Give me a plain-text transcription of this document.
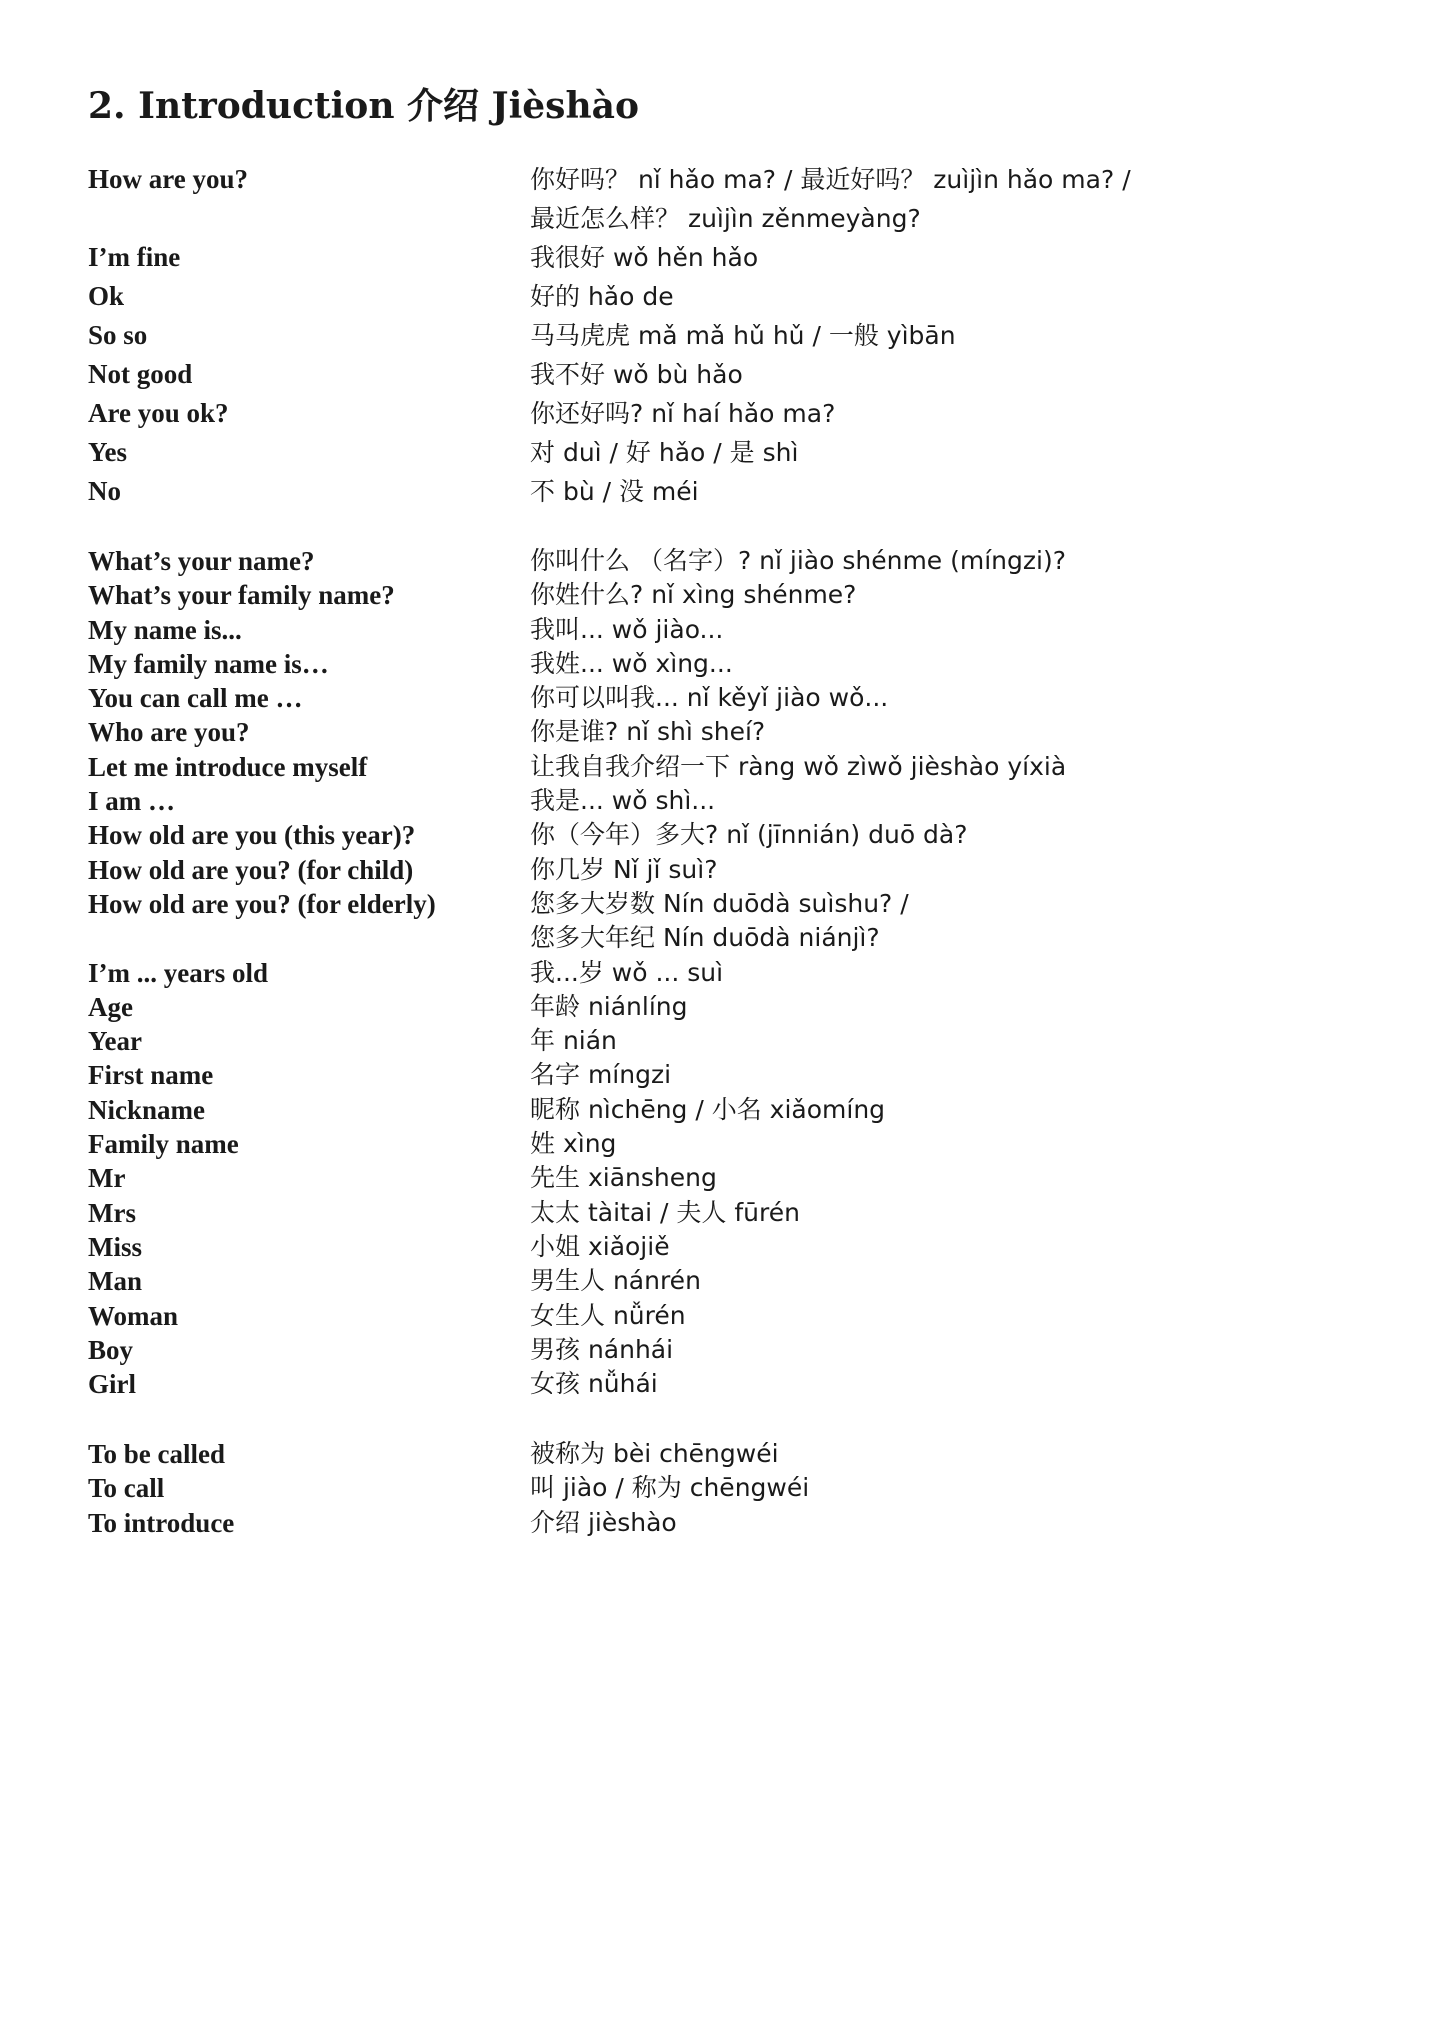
2. Introduction 介绍 Jièshào
How are you?	你好吗？ nǐ hǎo ma? / 最近好吗？ zuìjìn hǎo ma? /
最近怎么样？ zuìjìn zěnmeyàng?
I’m fine	我很好 wǒ hěn hǎo
Ok	好的 hǎo de
So so	马马虎虎 mǎ mǎ hǔ hǔ / 一般 yìbān
Not good	我不好 wǒ bù hǎo
Are you ok?	你还好吗? nǐ haí hǎo ma?
Yes	对 duì / 好 hǎo / 是 shì
No	不 bù / 没 méi
What’s your name?	你叫什么 （名字）? nǐ jiào shénme (míngzi)?
What’s your family name?	你姓什么? nǐ xìng shénme?
My name is...	我叫... wǒ jiào...
My family name is…	我姓... wǒ xìng...
You can call me …	你可以叫我... nǐ kěyǐ jiào wǒ...
Who are you?	你是谁? nǐ shì sheí?
Let me introduce myself	让我自我介绍一下 ràng wǒ zìwǒ jièshào yíxià
I am …	我是... wǒ shì...
How old are you (this year)?	你（今年）多大? nǐ (jīnnián) duō dà?
How old are you? (for child)	你几岁 Nǐ jǐ suì?
How old are you? (for elderly)	您多大岁数 Nín duōdà suìshu? /
您多大年纪 Nín duōdà niánjì?
I’m ... years old	我...岁 wǒ ... suì
Age	年龄 niánlíng
Year	年 nián
First name	名字 míngzi
Nickname	昵称 nìchēng / 小名 xiǎomíng
Family name	姓 xìng
Mr	先生 xiānsheng
Mrs	太太 tàitai / 夫人 fūrén
Miss	小姐 xiǎojiě
Man	男生人 nánrén
Woman	女生人 nǚrén
Boy	男孩 nánhái
Girl	女孩 nǚhái
To be called	被称为 bèi chēngwéi
To call	叫 jiào / 称为 chēngwéi
To introduce	介绍 jièshào
